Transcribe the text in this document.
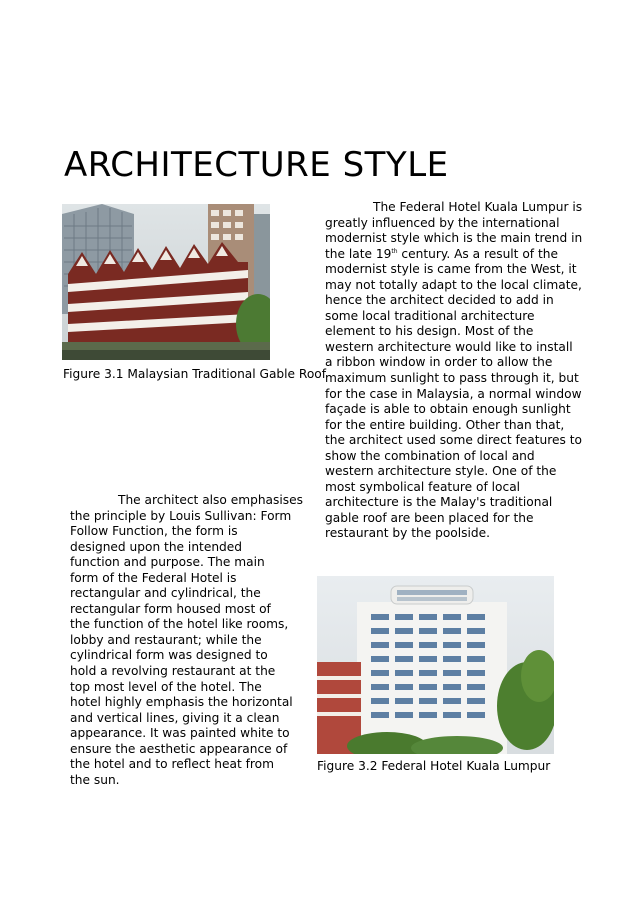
ARCHITECTURE STYLE
Figure 3.1 Malaysian Traditional Gable Roof
The Federal Hotel Kuala Lumpur is
greatly influenced by the international
modernist style which is the main trend in
the late 19th century. As a result of the
modernist style is came from the West, it
may not totally adapt to the local climate,
hence the architect decided to add in
some local traditional architecture
element to his design. Most of the
western architecture would like to install
a ribbon window in order to allow the
maximum sunlight to pass through it, but
for the case in Malaysia, a normal window
façade is able to obtain enough sunlight
for the entire building. Other than that,
the architect used some direct features to
show the combination of local and
western architecture style. One of the
most symbolical feature of local
architecture is the Malay's traditional
gable roof are been placed for the
restaurant by the poolside.
The architect also emphasises
the principle by Louis Sullivan: Form
Follow Function, the form is
designed upon the intended
function and purpose. The main
form of the Federal Hotel is
rectangular and cylindrical, the
rectangular form housed most of
the function of the hotel like rooms,
lobby and restaurant; while the
cylindrical form was designed to
hold a revolving restaurant at the
top most level of the hotel. The
hotel highly emphasis the horizontal
and vertical lines, giving it a clean
appearance. It was painted white to
ensure the aesthetic appearance of
the hotel and to reflect heat from
the sun.
Figure 3.2 Federal Hotel Kuala Lumpur
